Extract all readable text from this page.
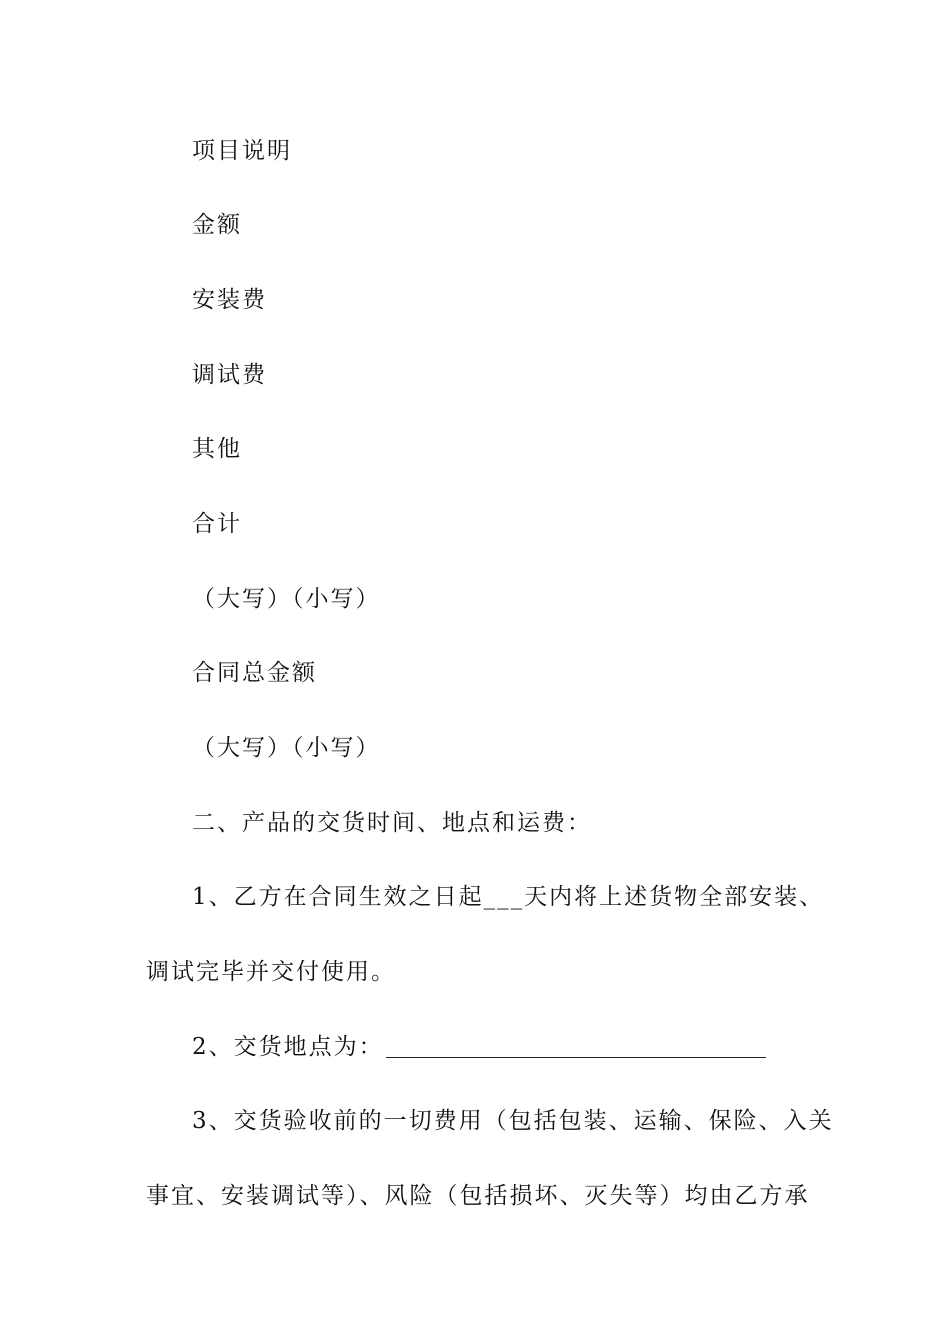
项目说明
金额
安装费
调试费
其他
合计
（大写）（小写）
合同总金额
（大写）（小写）
二、产品的交货时间、地点和运费：
1、乙方在合同生效之日起___天内将上述货物全部安装、
调试完毕并交付使用。
2、交货地点为：
3、交货验收前的一切费用（包括包装、运输、保险、入关
事宜、安装调试等）、风险（包括损坏、灭失等）均由乙方承
